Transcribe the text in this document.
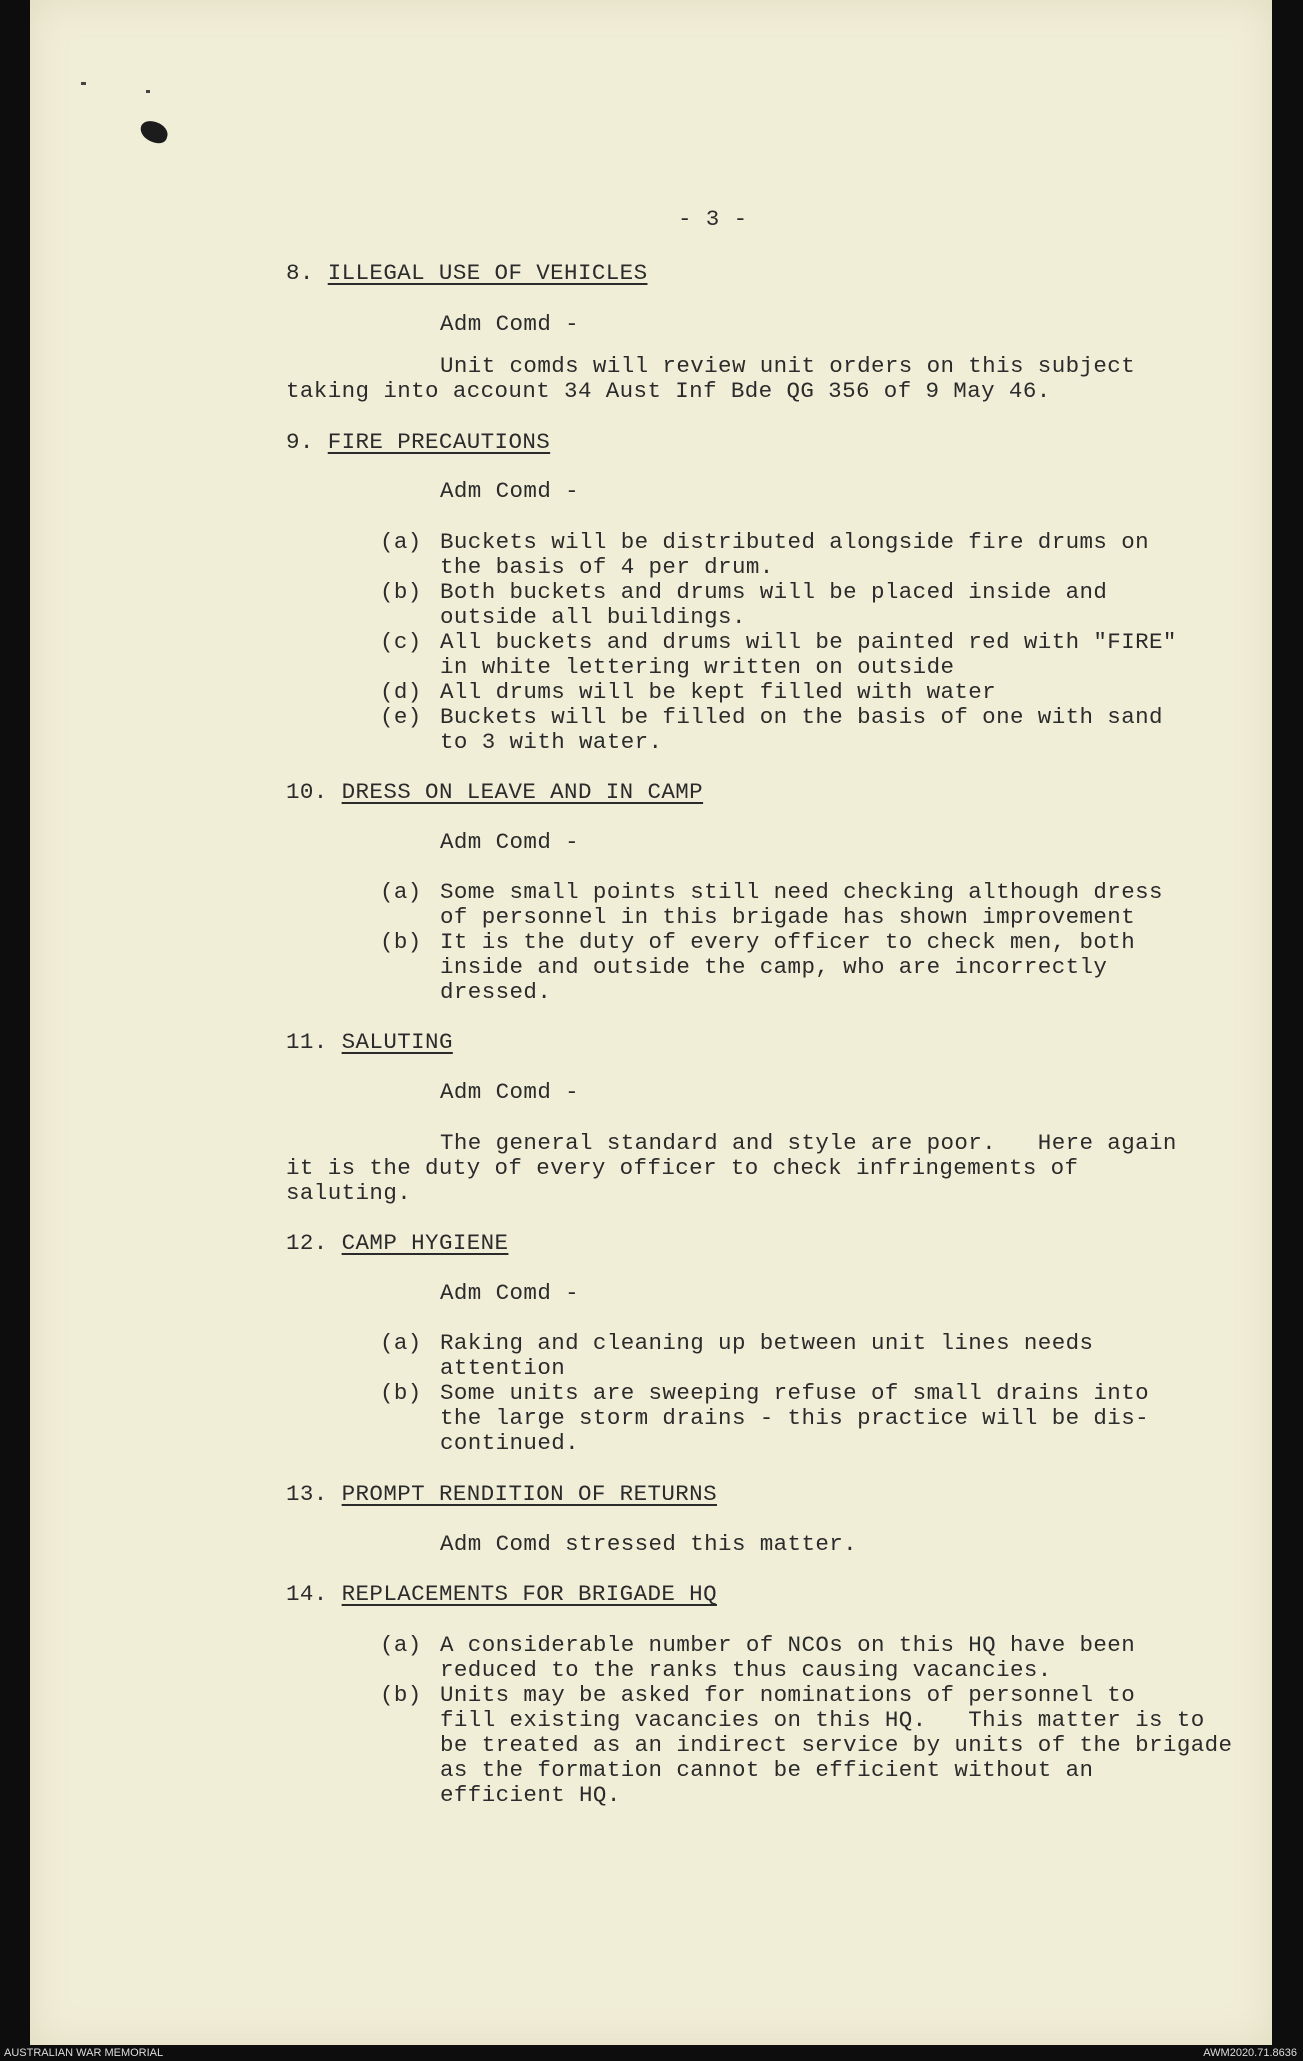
- 3 -
8. ILLEGAL USE OF VEHICLES
Adm Comd -
Unit comds will review unit orders on this subject
taking into account 34 Aust Inf Bde QG 356 of 9 May 46.
9. FIRE PRECAUTIONS
Adm Comd -
(a) Buckets will be distributed alongside fire drums on
the basis of 4 per drum.
(b) Both buckets and drums will be placed inside and
outside all buildings.
(c) All buckets and drums will be painted red with "FIRE"
in white lettering written on outside
(d) All drums will be kept filled with water
(e) Buckets will be filled on the basis of one with sand
to 3 with water.
10. DRESS ON LEAVE AND IN CAMP
Adm Comd -
(a) Some small points still need checking although dress
of personnel in this brigade has shown improvement
(b) It is the duty of every officer to check men, both
inside and outside the camp, who are incorrectly
dressed.
11. SALUTING
Adm Comd -
The general standard and style are poor.   Here again
it is the duty of every officer to check infringements of
saluting.
12. CAMP HYGIENE
Adm Comd -
(a) Raking and cleaning up between unit lines needs
attention
(b) Some units are sweeping refuse of small drains into
the large storm drains - this practice will be dis-
continued.
13. PROMPT RENDITION OF RETURNS
Adm Comd stressed this matter.
14. REPLACEMENTS FOR BRIGADE HQ
(a) A considerable number of NCOs on this HQ have been
reduced to the ranks thus causing vacancies.
(b) Units may be asked for nominations of personnel to
fill existing vacancies on this HQ.   This matter is to
be treated as an indirect service by units of the brigade
as the formation cannot be efficient without an
efficient HQ.
AUSTRALIAN WAR MEMORIAL	AWM2020.71.8636
